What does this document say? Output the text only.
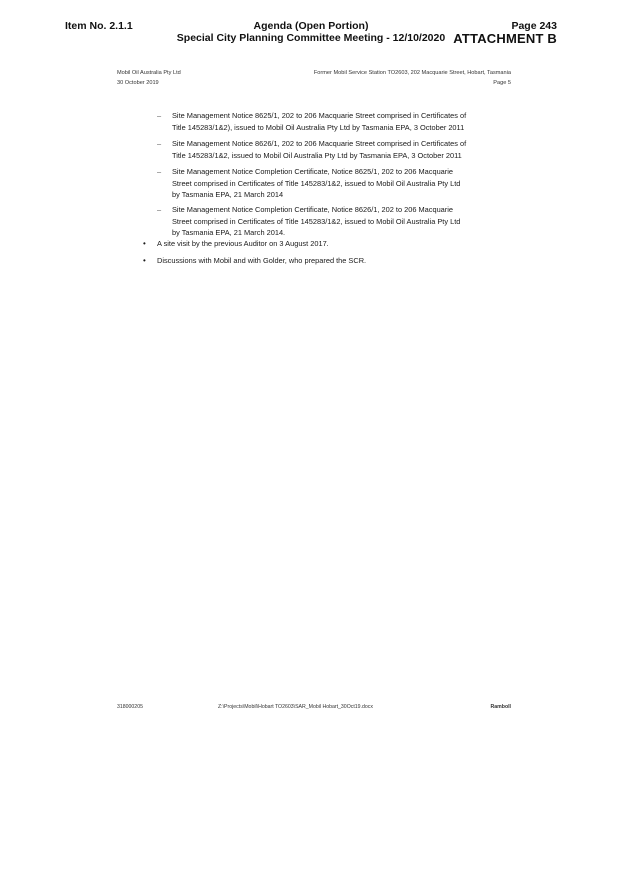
Item No. 2.1.1	Agenda (Open Portion)
Special City Planning Committee Meeting - 12/10/2020
Page 243
ATTACHMENT B
Mobil Oil Australia Pty Ltd
30 October 2019
Former Mobil Service Station TO2603, 202 Macquarie Street, Hobart, Tasmania
Page 5
– Site Management Notice 8625/1, 202 to 206 Macquarie Street comprised in Certificates of
Title 145283/1&2), issued to Mobil Oil Australia Pty Ltd by Tasmania EPA, 3 October 2011
– Site Management Notice 8626/1, 202 to 206 Macquarie Street comprised in Certificates of
Title 145283/1&2, issued to Mobil Oil Australia Pty Ltd by Tasmania EPA, 3 October 2011
– Site Management Notice Completion Certificate, Notice 8625/1, 202 to 206 Macquarie
Street comprised in Certificates of Title 145283/1&2, issued to Mobil Oil Australia Pty Ltd
by Tasmania EPA, 21 March 2014
– Site Management Notice Completion Certificate, Notice 8626/1, 202 to 206 Macquarie
Street comprised in Certificates of Title 145283/1&2, issued to Mobil Oil Australia Pty Ltd
by Tasmania EPA, 21 March 2014.
• A site visit by the previous Auditor on 3 August 2017.
• Discussions with Mobil and with Golder, who prepared the SCR.
318000205	Z:\Projects\Mobil\Hobart TO2603\SAR_Mobil Hobart_30Oct19.docx	Ramboll
